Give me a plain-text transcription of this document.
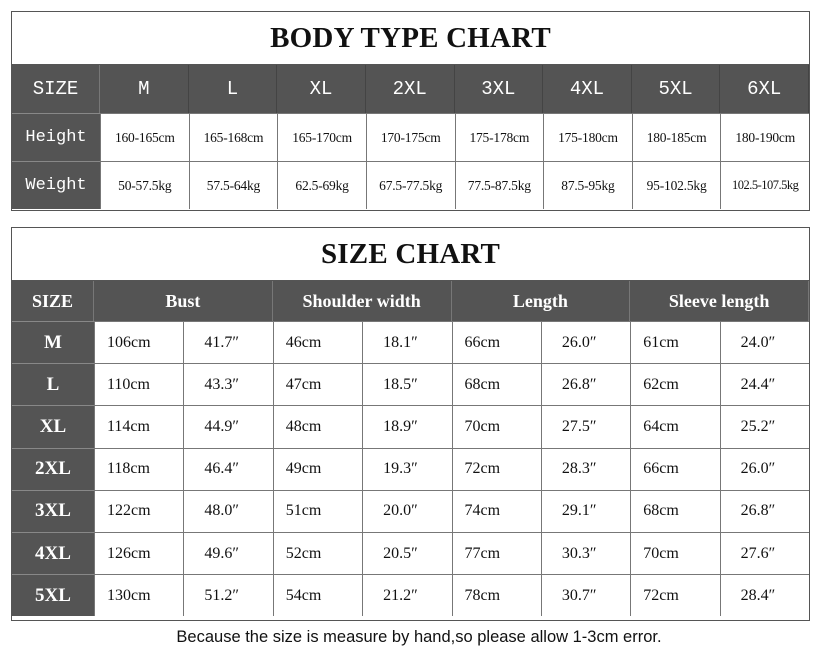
BODY TYPE CHART
SIZE	M	L	XL	2XL	3XL	4XL	5XL	6XL
Height	160-165cm	165-168cm	165-170cm	170-175cm	175-178cm	175-180cm	180-185cm	180-190cm
Weight	50-57.5kg	57.5-64kg	62.5-69kg	67.5-77.5kg	77.5-87.5kg	87.5-95kg	95-102.5kg	102.5-107.5kg
SIZE CHART
SIZE	Bust	Shoulder width	Length	Sleeve length
M	106cm	41.7″	46cm	18.1″	66cm	26.0″	61cm	24.0″
L	110cm	43.3″	47cm	18.5″	68cm	26.8″	62cm	24.4″
XL	114cm	44.9″	48cm	18.9″	70cm	27.5″	64cm	25.2″
2XL	118cm	46.4″	49cm	19.3″	72cm	28.3″	66cm	26.0″
3XL	122cm	48.0″	51cm	20.0″	74cm	29.1″	68cm	26.8″
4XL	126cm	49.6″	52cm	20.5″	77cm	30.3″	70cm	27.6″
5XL	130cm	51.2″	54cm	21.2″	78cm	30.7″	72cm	28.4″
Because the size is measure by hand,so please allow 1-3cm error.
